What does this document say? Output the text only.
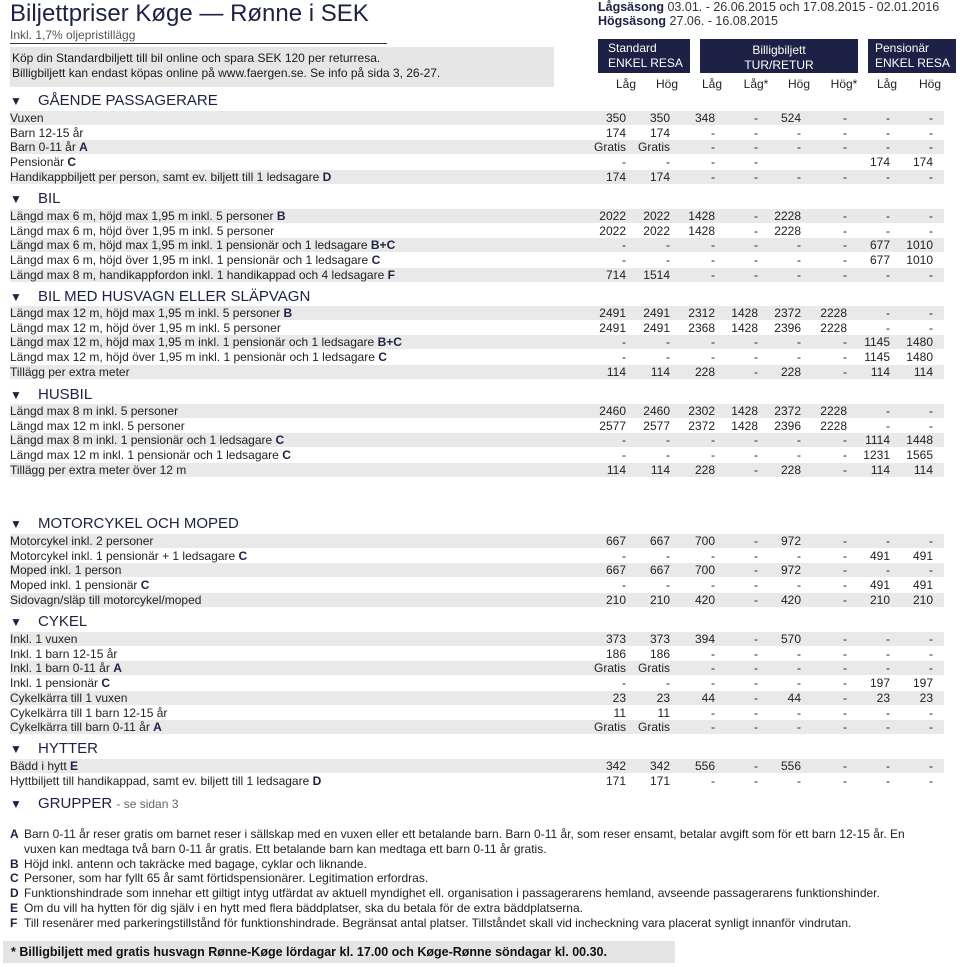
Biljettpriser Køge — Rønne i SEK
Inkl. 1,7% oljepristillägg
Köp din Standardbiljett till bil online och spara SEK 120 per returresa.
Billigbiljett kan endast köpas online på www.faergen.se. Se info på sida 3, 26-27.
Lågsäsong 03.01. - 26.06.2015 och 17.08.2015 - 02.01.2016
Högsäsong 27.06. - 16.08.2015
Standard
ENKEL RESA
Billigbiljett
TUR/RETUR
Pensionär
ENKEL RESA
Låg Hög Låg Låg* Hög Hög* Låg Hög
▼ GÅENDE PASSAGERARE
Vuxen	350 350 348	- 524	-	-	-
Barn 12-15 år	174 174	-	-	-	-	-	-
Barn 0-11 år A	Gratis Gratis	-	-	-	-	-	-
Pensionär C	-	-	-	-	174 174
Handikappbiljett per person, samt ev. biljett till 1 ledsagare D	174 174	-	-	-	-	-	-
▼ BIL
Längd max 6 m, höjd max 1,95 m inkl. 5 personer B	2022 2022 1428	- 2228	-	-	-
Längd max 6 m, höjd över 1,95 m inkl. 5 personer	2022 2022 1428	- 2228	-	-	-
Längd max 6 m, höjd max 1,95 m inkl. 1 pensionär och 1 ledsagare B+C	-	-	-	-	-	- 677 1010
Längd max 6 m, höjd över 1,95 m inkl. 1 pensionär och 1 ledsagare C	-	-	-	-	-	- 677 1010
Längd max 8 m, handikappfordon inkl. 1 handikappad och 4 ledsagare F	714 1514	-	-	-	-	-	-
▼ BIL MED HUSVAGN ELLER SLÄPVAGN
Längd max 12 m, höjd max 1,95 m inkl. 5 personer B	2491 2491 2312 1428 2372 2228	-	-
Längd max 12 m, höjd över 1,95 m inkl. 5 personer	2491 2491 2368 1428 2396 2228	-	-
Längd max 12 m, höjd max 1,95 m inkl. 1 pensionär och 1 ledsagare B+C	-	-	-	-	-	- 1145 1480
Längd max 12 m, höjd över 1,95 m inkl. 1 pensionär och 1 ledsagare C	-	-	-	-	-	- 1145 1480
Tillägg per extra meter	114 114 228	- 228	- 114 114
▼ HUSBIL
Längd max 8 m inkl. 5 personer	2460 2460 2302 1428 2372 2228	-	-
Längd max 12 m inkl. 5 personer	2577 2577 2372 1428 2396 2228	-	-
Längd max 8 m inkl. 1 pensionär och 1 ledsagare C	-	-	-	-	-	- 1114 1448
Längd max 12 m inkl. 1 pensionär och 1 ledsagare C	-	-	-	-	-	- 1231 1565
Tillägg per extra meter över 12 m	114 114 228	- 228	- 114 114
▼ MOTORCYKEL OCH MOPED
Motorcykel inkl. 2 personer	667 667 700	- 972	-	-	-
Motorcykel inkl. 1 pensionär + 1 ledsagare C	-	-	-	-	-	- 491 491
Moped inkl. 1 person	667 667 700	- 972	-	-	-
Moped inkl. 1 pensionär C	-	-	-	-	-	- 491 491
Sidovagn/släp till motorcykel/moped	210 210 420	- 420	- 210 210
▼ CYKEL
Inkl. 1 vuxen	373 373 394	- 570	-	-	-
Inkl. 1 barn 12-15 år	186 186	-	-	-	-	-	-
Inkl. 1 barn 0-11 år A	Gratis Gratis	-	-	-	-	-	-
Inkl. 1 pensionär C	-	-	-	-	-	- 197 197
Cykelkärra till 1 vuxen	23	23	44	- 44	- 23 23
Cykelkärra till 1 barn 12-15 år	11	11	-	-	-	-	-	-
Cykelkärra till barn 0-11 år A	Gratis Gratis	-	-	-	-	-	-
▼ HYTTER
Bädd i hytt E	342 342 556	- 556	-	-	-
Hyttbiljett till handikappad, samt ev. biljett till 1 ledsagare D	171 171	-	-	-	-	-	-
▼ GRUPPER - se sidan 3
A Barn 0-11 år reser gratis om barnet reser i sällskap med en vuxen eller ett betalande barn. Barn 0-11 år, som reser ensamt, betalar avgift som för ett barn 12-15 år. En vuxen kan medtaga två barn 0-11 år gratis. Ett betalande barn kan medtaga ett barn 0-11 år gratis.
B Höjd inkl. antenn och takräcke med bagage, cyklar och liknande.
C Personer, som har fyllt 65 år samt förtidspensionärer. Legitimation erfordras.
D Funktionshindrade som innehar ett giltigt intyg utfärdat av aktuell myndighet ell. organisation i passagerarens hemland, avseende passagerarens funktionshinder.
E Om du vill ha hytten för dig själv i en hytt med flera bäddplatser, ska du betala för de extra bäddplatserna.
F Till resenärer med parkeringstillstånd för funktionshindrade. Begränsat antal platser. Tillståndet skall vid incheckning vara placerat synligt innanför vindrutan.
* Billigbiljett med gratis husvagn Rønne-Køge lördagar kl. 17.00 och Køge-Rønne söndagar kl. 00.30.
